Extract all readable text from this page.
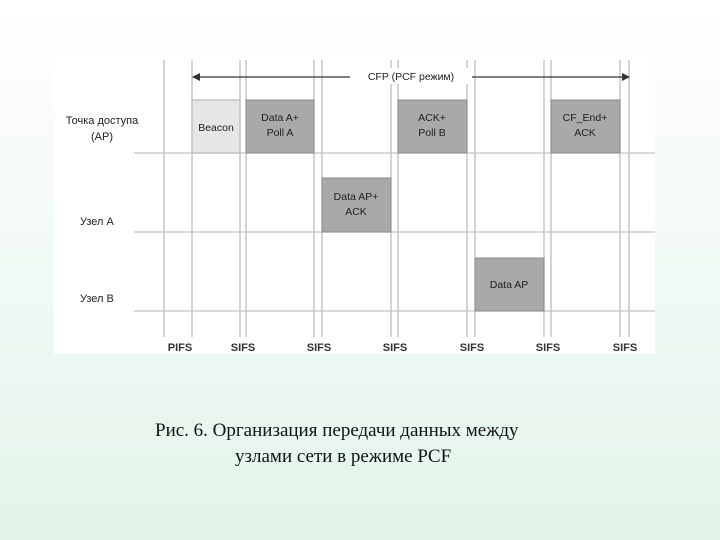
CFP (PCF режим)
Точка доступа
(AP)
Узел A
Узел B
Beacon
Data A+
Poll A
Data AP+
ACK
ACK+
Poll B
Data AP
CF_End+
ACK
PIFS	SIFS	SIFS	SIFS	SIFS	SIFS	SIFS
Рис. 6. Организация передачи данных между
узлами сети в режиме PCF
